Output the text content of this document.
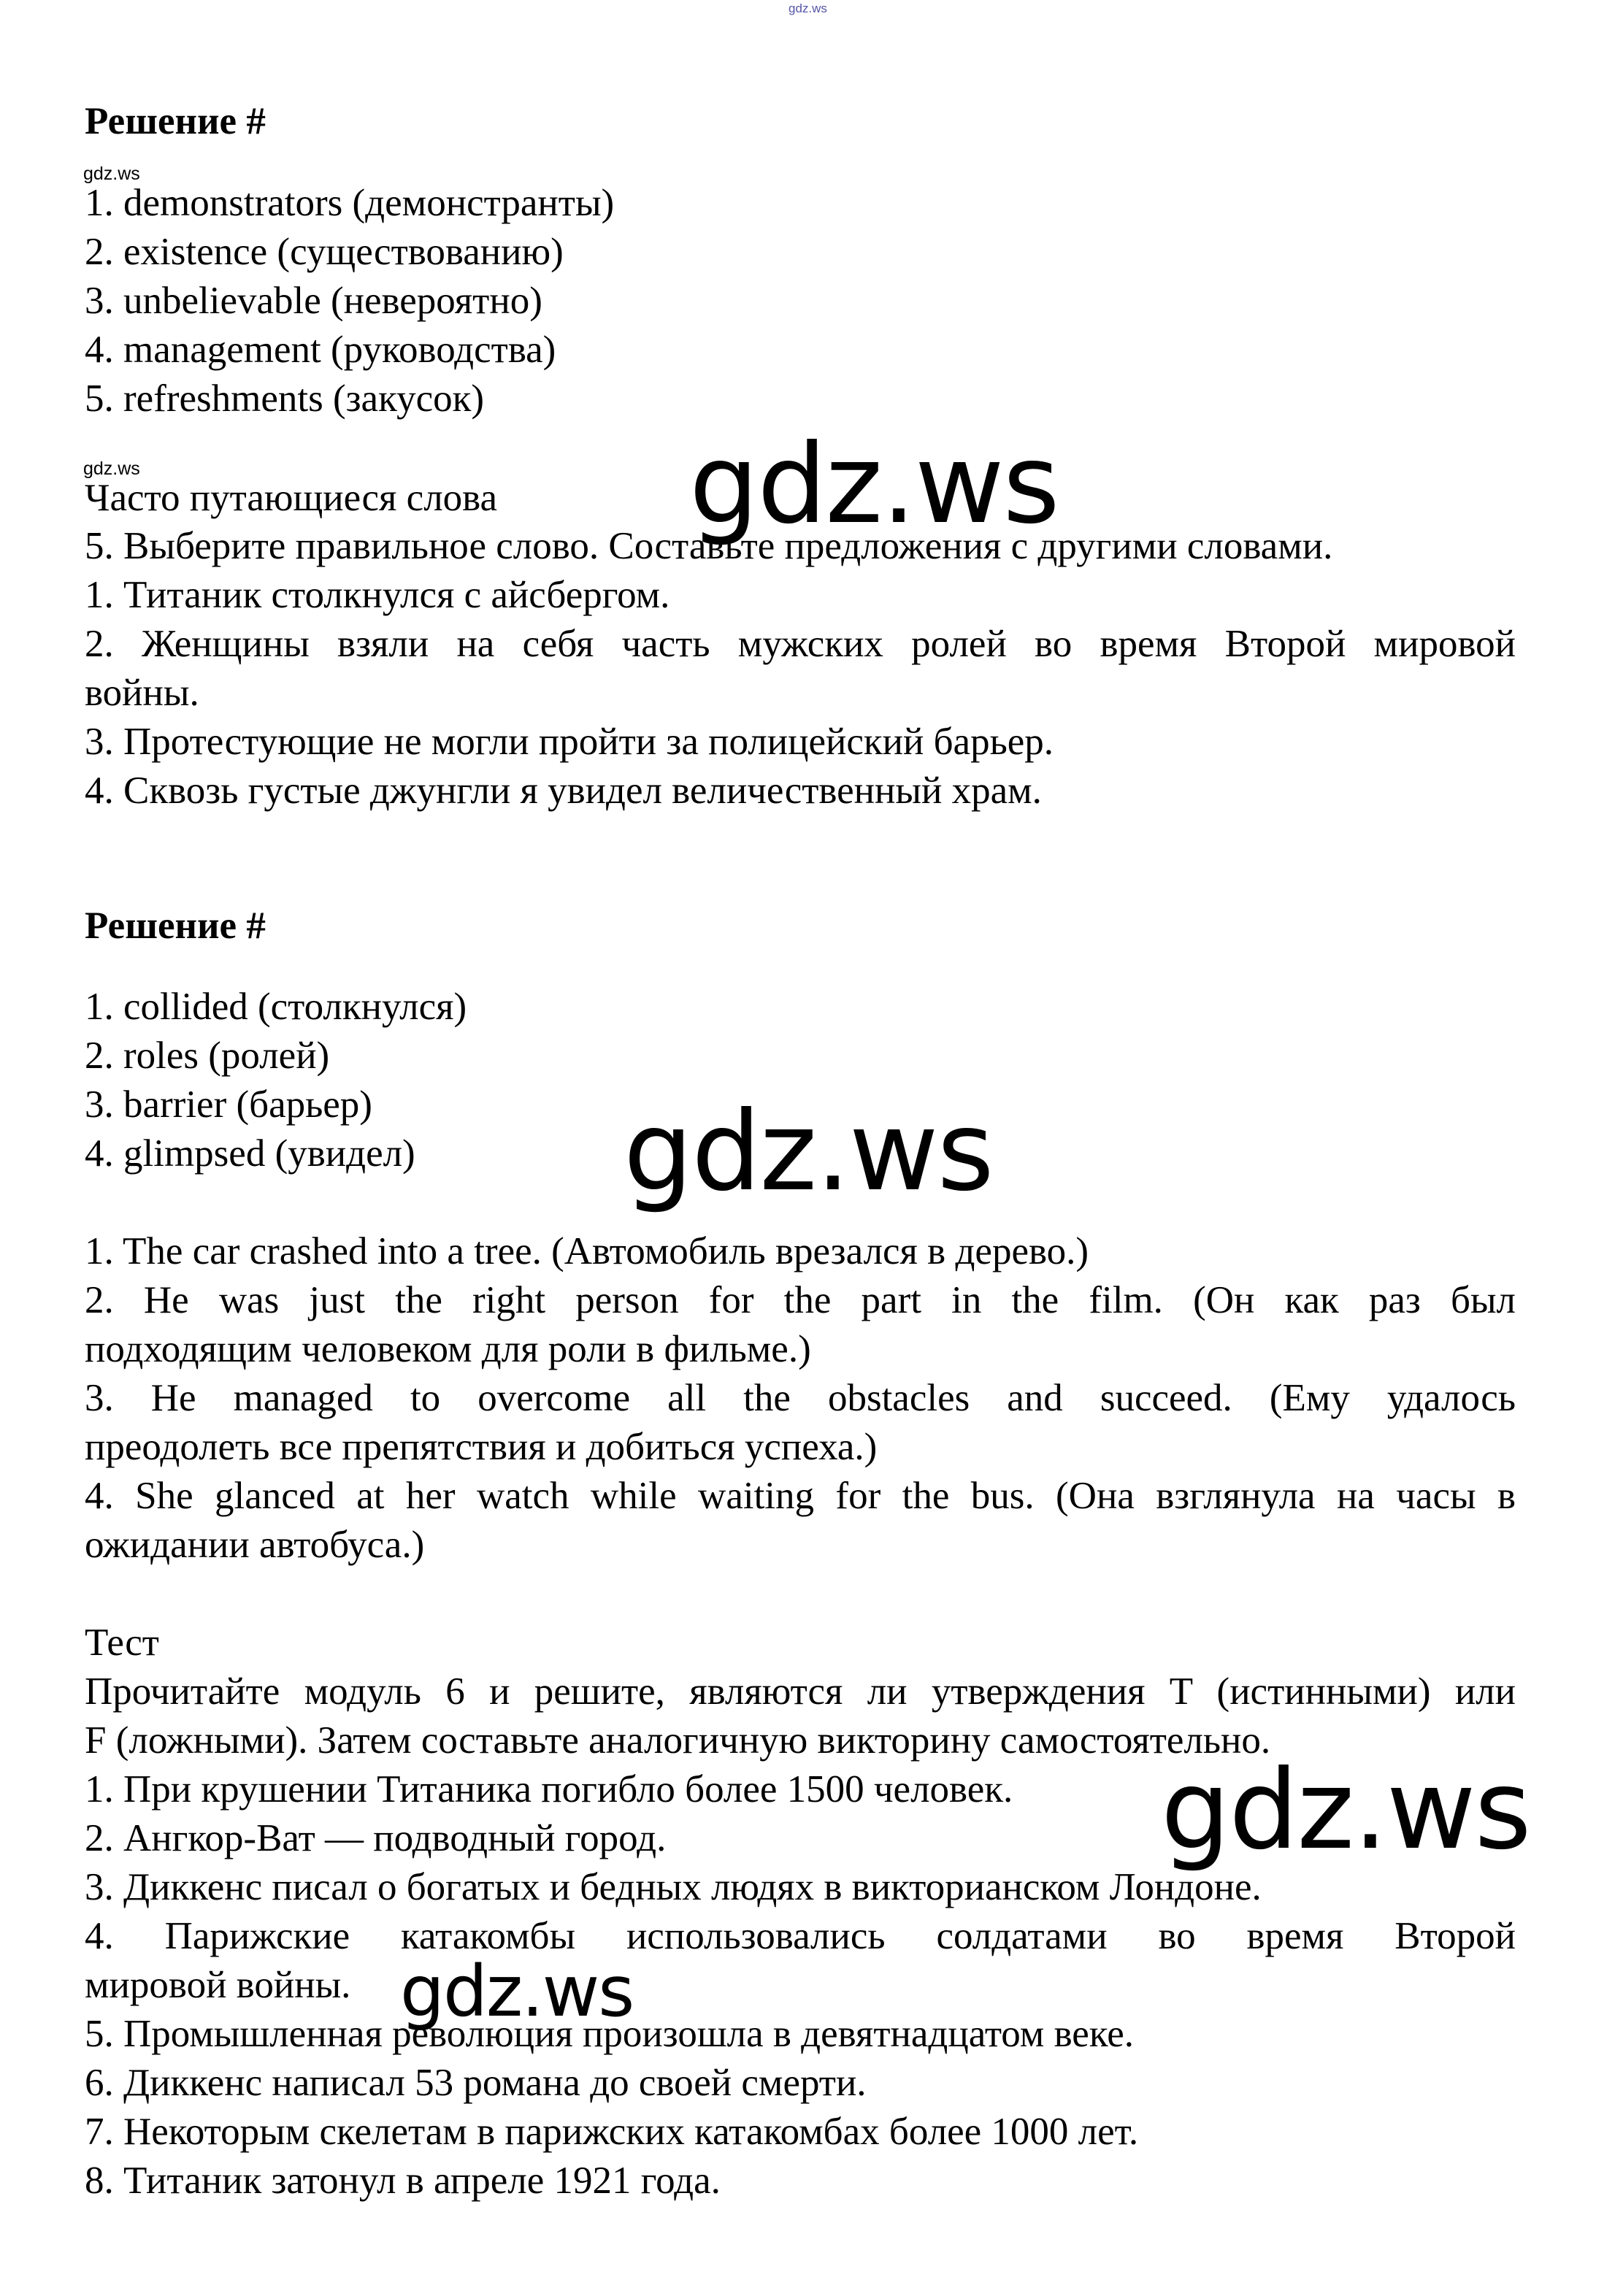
gdz.ws
Решение #
gdz.ws
1. demonstrators (демонстранты)
2. existence (существованию)
3. unbelievable (невероятно)
4. management (руководства)
5. refreshments (закусок)
gdz.ws
Часто путающиеся слова
5. Выберите правильное слово. Составьте предложения с другими словами.
1. Титаник столкнулся с айсбергом.
2. Женщины взяли на себя часть мужских ролей во время Второй мировой
войны.
3. Протестующие не могли пройти за полицейский барьер.
4. Сквозь густые джунгли я увидел величественный храм.
Решение #
1. collided (столкнулся)
2. roles (ролей)
3. barrier (барьер)
4. glimpsed (увидел)
1. The car crashed into a tree. (Автомобиль врезался в дерево.)
2. He was just the right person for the part in the film. (Он как раз был
подходящим человеком для роли в фильме.)
3. He managed to overcome all the obstacles and succeed. (Ему удалось
преодолеть все препятствия и добиться успеха.)
4. She glanced at her watch while waiting for the bus. (Она взглянула на часы в
ожидании автобуса.)
Тест
Прочитайте модуль 6 и решите, являются ли утверждения T (истинными) или
F (ложными). Затем составьте аналогичную викторину самостоятельно.
1. При крушении Титаника погибло более 1500 человек.
2. Ангкор-Ват — подводный город.
3. Диккенс писал о богатых и бедных людях в викторианском Лондоне.
4. Парижские катакомбы использовались солдатами во время Второй
мировой войны.
5. Промышленная революция произошла в девятнадцатом веке.
6. Диккенс написал 53 романа до своей смерти.
7. Некоторым скелетам в парижских катакомбах более 1000 лет.
8. Титаник затонул в апреле 1921 года.
gdz.ws
gdz.ws
gdz.ws
gdz.ws
